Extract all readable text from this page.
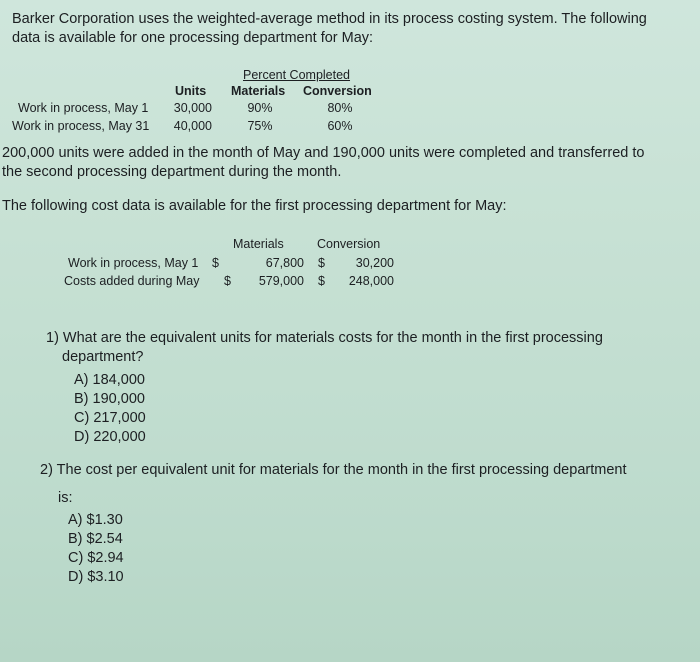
Barker Corporation uses the weighted-average method in its process costing system. The following
data is available for one processing department for May:
Percent Completed
Units Materials Conversion
Work in process, May 1	30,000	90%	80%
Work in process, May 31	40,000	75%	60%
200,000 units were added in the month of May and 190,000 units were completed and transferred to
the second processing department during the month.
The following cost data is available for the first processing department for May:
Materials	Conversion
Work in process, May 1 $	67,800 $	30,200
Costs added during May $	579,000 $	248,000
1) What are the equivalent units for materials costs for the month in the first processing
department?
A) 184,000
B) 190,000
C) 217,000
D) 220,000
2) The cost per equivalent unit for materials for the month in the first processing department
is:
A) $1.30
B) $2.54
C) $2.94
D) $3.10
